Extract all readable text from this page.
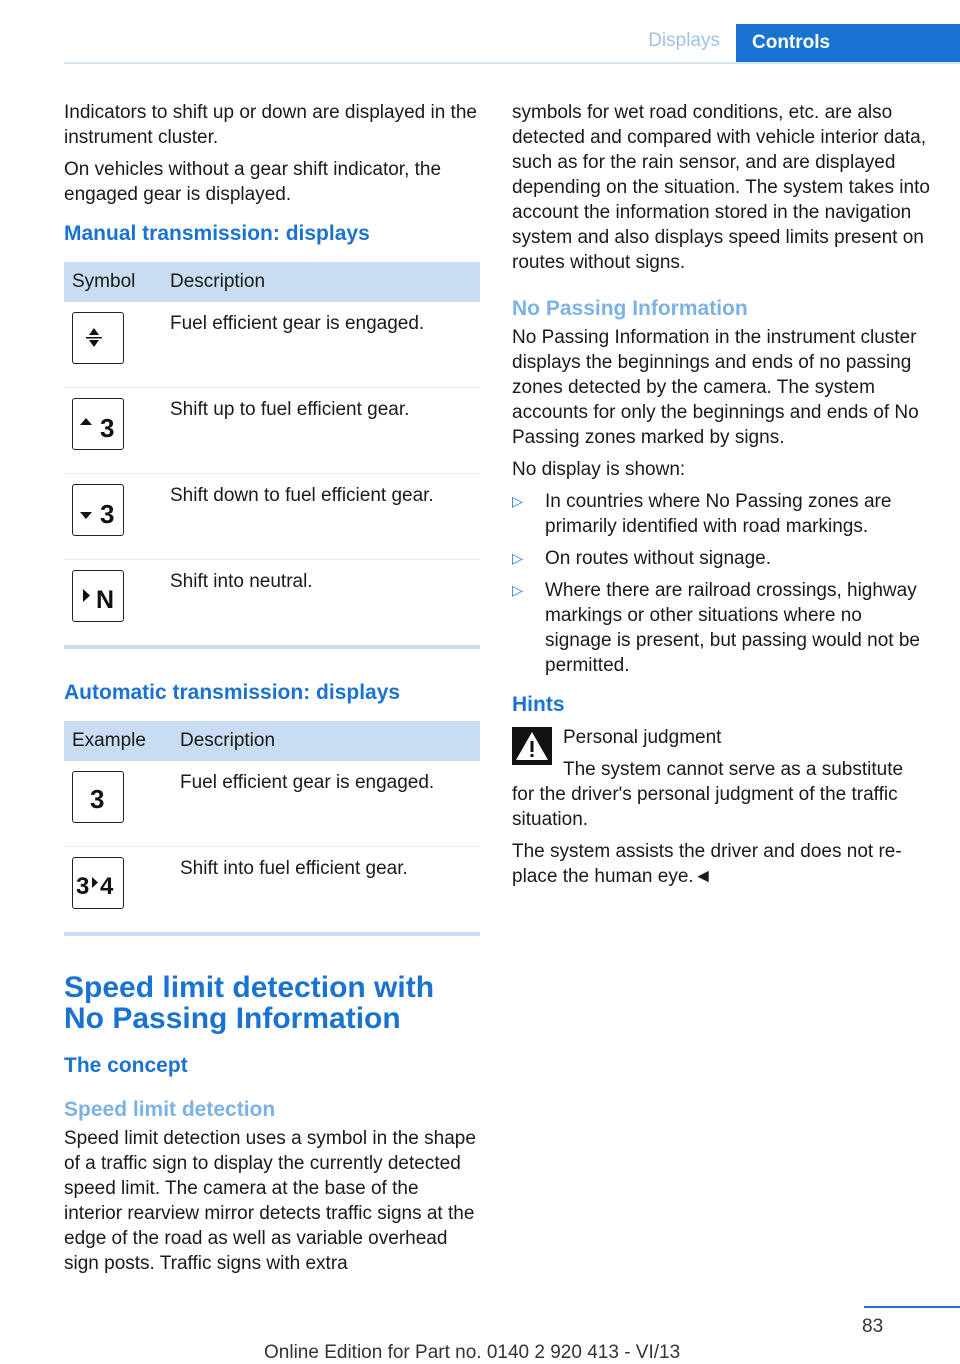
Displays	Controls

Indicators to shift up or down are displayed in the instrument cluster.

On vehicles without a gear shift indicator, the engaged gear is displayed.

Manual transmission: displays
Symbol	Description

	Fuel efficient gear is engaged.

3	Shift up to fuel efficient gear.

3	Shift down to fuel efficient gear.

N	Shift into neutral.
Automatic transmission: displays
Example	Description

3	Fuel efficient gear is engaged.

3 4	Shift into fuel efficient gear.
Speed limit detection with
No Passing Information
The concept
Speed limit detection

Speed limit detection uses a symbol in the shape of a traffic sign to display the currently detected speed limit. The camera at the base of the interior rearview mirror detects traffic signs at the edge of the road as well as variable overhead sign posts. Traffic signs with extra

symbols for wet road conditions, etc. are also detected and compared with vehicle interior data, such as for the rain sensor, and are displayed depending on the situation. The system takes into account the information stored in the navigation system and also displays speed limits present on routes without signs.

No Passing Information

No Passing Information in the instrument cluster displays the beginnings and ends of no passing zones detected by the camera. The system accounts for only the beginnings and ends of No Passing zones marked by signs.

No display is shown:

▷ In countries where No Passing zones are primarily identified with road markings.
▷ On routes without signage.
▷ Where there are railroad crossings, highway markings or other situations where no signage is present, but passing would not be permitted.
Hints

Personal judgment

The system cannot serve as a substitute

for the driver's personal judgment of the traffic situation.

The system assists the driver and does not replace the human eye.◄

83
Online Edition for Part no. 0140 2 920 413 - VI/13
